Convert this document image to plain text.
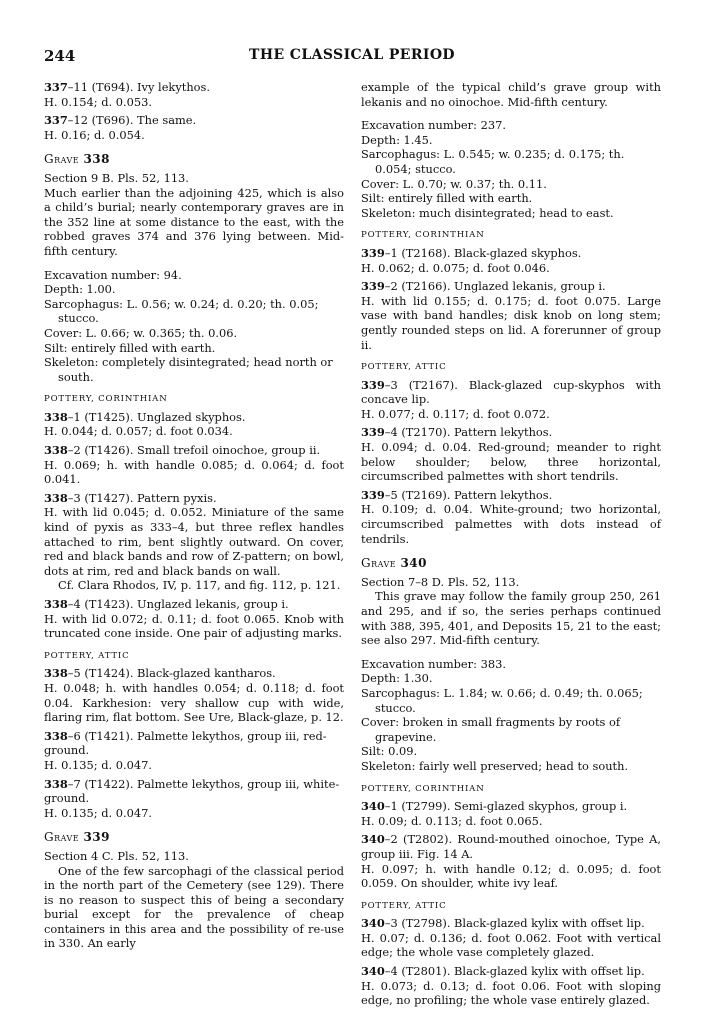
244	THE CLASSICAL PERIOD
337–11 (T694). Ivy lekythos.
H. 0.154; d. 0.053.
337–12 (T696). The same.
H. 0.16; d. 0.054.
Grave 338
Section 9 B. Pls. 52, 113.
Much earlier than the adjoining 425, which is also a child’s burial; nearly contemporary graves are in the 352 line at some distance to the east, with the robbed graves 374 and 376 lying between. Mid-fifth century.
Excavation number: 94.
Depth: 1.00.
Sarcophagus: L. 0.56; w. 0.24; d. 0.20; th. 0.05; stucco.
Cover: L. 0.66; w. 0.365; th. 0.06.
Silt: entirely filled with earth.
Skeleton: completely disintegrated; head north or south.
POTTERY, CORINTHIAN
338–1 (T1425). Unglazed skyphos.
H. 0.044; d. 0.057; d. foot 0.034.
338–2 (T1426). Small trefoil oinochoe, group ii.
H. 0.069; h. with handle 0.085; d. 0.064; d. foot 0.041.
338–3 (T1427). Pattern pyxis.
H. with lid 0.045; d. 0.052. Miniature of the same kind of pyxis as 333–4, but three reflex handles attached to rim, bent slightly outward. On cover, red and black bands and row of Z-pattern; on bowl, dots at rim, red and black bands on wall.
Cf. Clara Rhodos, IV, p. 117, and fig. 112, p. 121.
338–4 (T1423). Unglazed lekanis, group i.
H. with lid 0.072; d. 0.11; d. foot 0.065. Knob with truncated cone inside. One pair of adjusting marks.
POTTERY, ATTIC
338–5 (T1424). Black-glazed kantharos.
H. 0.048; h. with handles 0.054; d. 0.118; d. foot 0.04. Karkhesion: very shallow cup with wide, flaring rim, flat bottom. See Ure, Black-glaze, p. 12.
338–6 (T1421). Palmette lekythos, group iii, red-ground.
H. 0.135; d. 0.047.
338–7 (T1422). Palmette lekythos, group iii, white-ground.
H. 0.135; d. 0.047.
Grave 339
Section 4 C. Pls. 52, 113.
One of the few sarcophagi of the classical period in the north part of the Cemetery (see 129). There is no reason to suspect this of being a secondary burial except for the prevalence of cheap containers in this area and the possibility of re-use in 330. An early
example of the typical child’s grave group with lekanis and no oinochoe. Mid-fifth century.
Excavation number: 237.
Depth: 1.45.
Sarcophagus: L. 0.545; w. 0.235; d. 0.175; th. 0.054; stucco.
Cover: L. 0.70; w. 0.37; th. 0.11.
Silt: entirely filled with earth.
Skeleton: much disintegrated; head to east.
POTTERY, CORINTHIAN
339–1 (T2168). Black-glazed skyphos.
H. 0.062; d. 0.075; d. foot 0.046.
339–2 (T2166). Unglazed lekanis, group i.
H. with lid 0.155; d. 0.175; d. foot 0.075. Large vase with band handles; disk knob on long stem; gently rounded steps on lid. A forerunner of group ii.
POTTERY, ATTIC
339–3 (T2167). Black-glazed cup-skyphos with concave lip.
H. 0.077; d. 0.117; d. foot 0.072.
339–4 (T2170). Pattern lekythos.
H. 0.094; d. 0.04. Red-ground; meander to right below shoulder; below, three horizontal, circumscribed palmettes with short tendrils.
339–5 (T2169). Pattern lekythos.
H. 0.109; d. 0.04. White-ground; two horizontal, circumscribed palmettes with dots instead of tendrils.
Grave 340
Section 7–8 D. Pls. 52, 113.
This grave may follow the family group 250, 261 and 295, and if so, the series perhaps continued with 388, 395, 401, and Deposits 15, 21 to the east; see also 297. Mid-fifth century.
Excavation number: 383.
Depth: 1.30.
Sarcophagus: L. 1.84; w. 0.66; d. 0.49; th. 0.065; stucco.
Cover: broken in small fragments by roots of grapevine.
Silt: 0.09.
Skeleton: fairly well preserved; head to south.
POTTERY, CORINTHIAN
340–1 (T2799). Semi-glazed skyphos, group i.
H. 0.09; d. 0.113; d. foot 0.065.
340–2 (T2802). Round-mouthed oinochoe, Type A, group iii. Fig. 14 A.
H. 0.097; h. with handle 0.12; d. 0.095; d. foot 0.059. On shoulder, white ivy leaf.
POTTERY, ATTIC
340–3 (T2798). Black-glazed kylix with offset lip.
H. 0.07; d. 0.136; d. foot 0.062. Foot with vertical edge; the whole vase completely glazed.
340–4 (T2801). Black-glazed kylix with offset lip.
H. 0.073; d. 0.13; d. foot 0.06. Foot with sloping edge, no profiling; the whole vase entirely glazed.
